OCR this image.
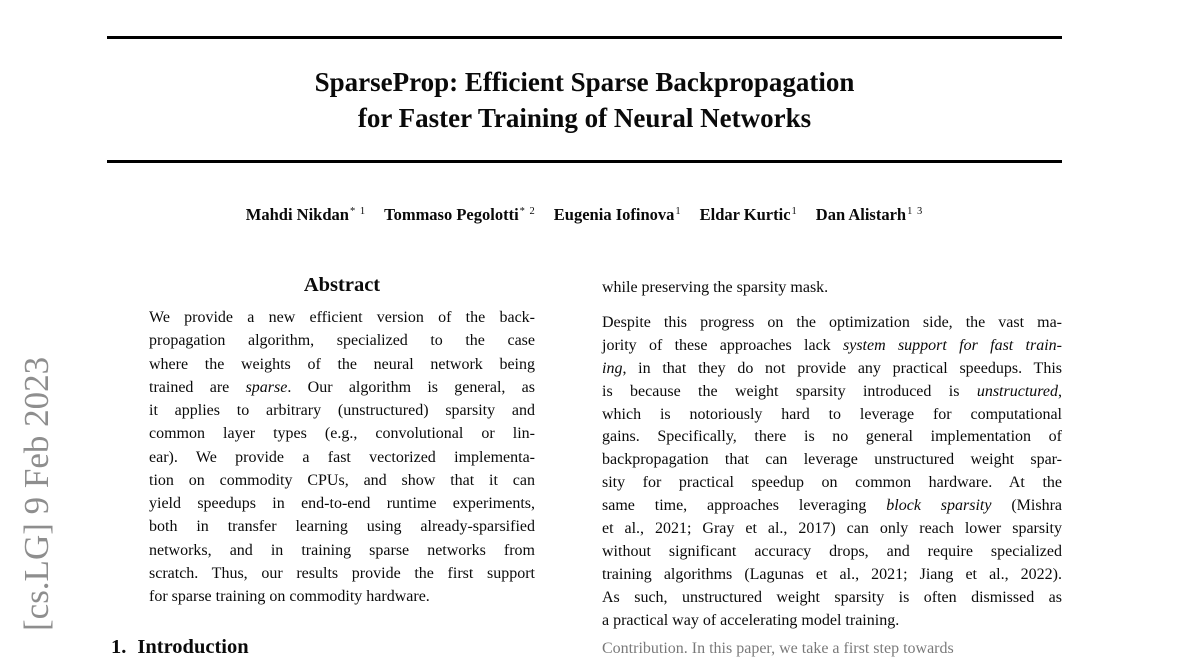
[cs.LG] 9 Feb 2023
SparseProp: Efficient Sparse Backpropagation
for Faster Training of Neural Networks
Mahdi Nikdan$^{* 1}$ Tommaso Pegolotti$^{* 2}$ Eugenia Iofinova$^1$ Eldar Kurtic$^1$ Dan Alistarh$^{1 3}$
Abstract
We provide a new efficient version of the back-
propagation algorithm, specialized to the case
where the weights of the neural network being
trained are sparse. Our algorithm is general, as
it applies to arbitrary (unstructured) sparsity and
common layer types (e.g., convolutional or lin-
ear). We provide a fast vectorized implementa-
tion on commodity CPUs, and show that it can
yield speedups in end-to-end runtime experiments,
both in transfer learning using already-sparsified
networks, and in training sparse networks from
scratch. Thus, our results provide the first support
for sparse training on commodity hardware.
1. Introduction
while preserving the sparsity mask.
Despite this progress on the optimization side, the vast ma-
jority of these approaches lack system support for fast train-
ing, in that they do not provide any practical speedups. This
is because the weight sparsity introduced is unstructured,
which is notoriously hard to leverage for computational
gains. Specifically, there is no general implementation of
backpropagation that can leverage unstructured weight spar-
sity for practical speedup on common hardware. At the
same time, approaches leveraging block sparsity (Mishra
et al., 2021; Gray et al., 2017) can only reach lower sparsity
without significant accuracy drops, and require specialized
training algorithms (Lagunas et al., 2021; Jiang et al., 2022).
As such, unstructured weight sparsity is often dismissed as
a practical way of accelerating model training.
Contribution. In this paper, we take a first step towards
